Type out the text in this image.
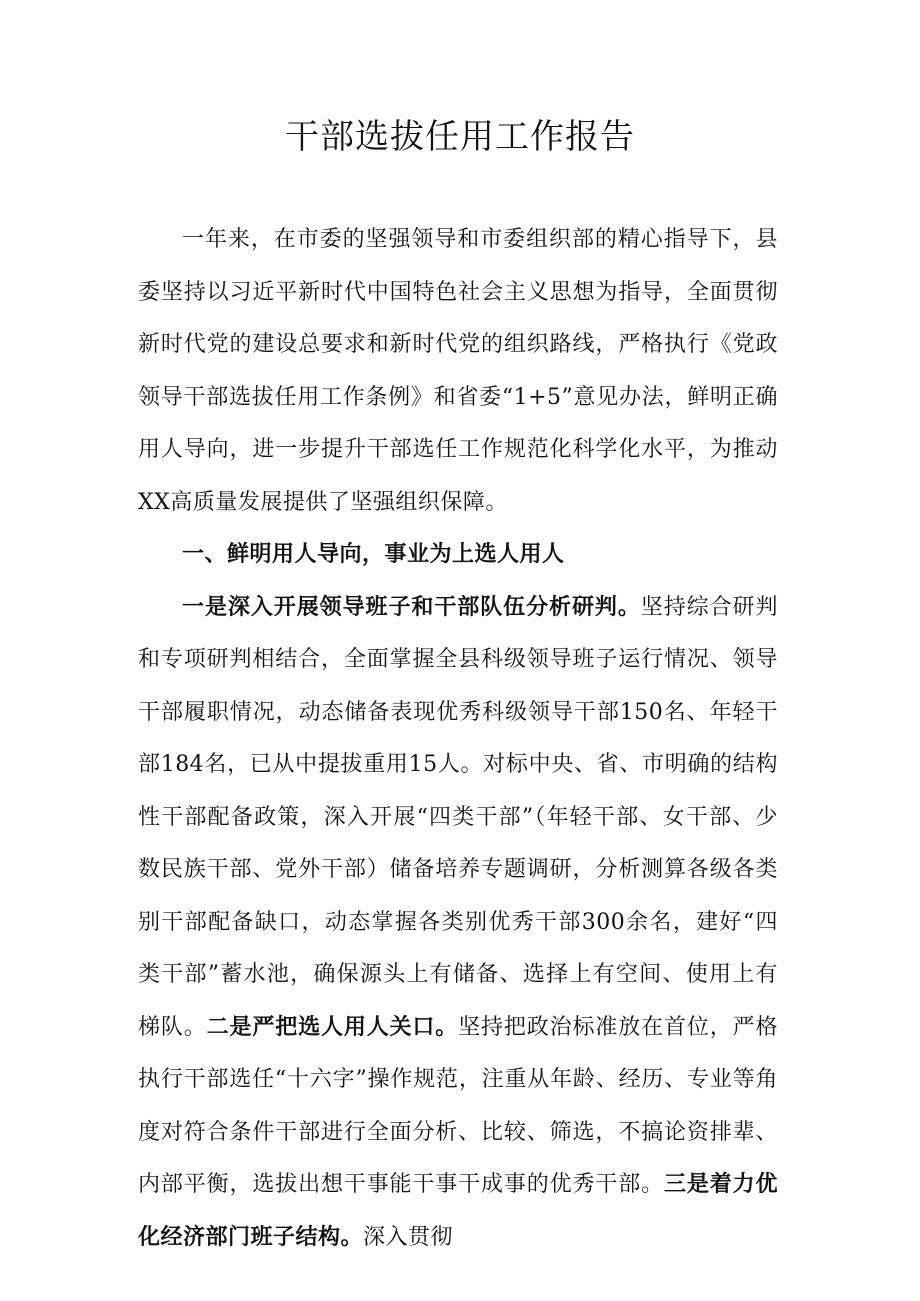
干部选拔任用工作报告

一年来，在市委的坚强领导和市委组织部的精心指导下，县委坚持以习近平新时代中国特色社会主义思想为指导，全面贯彻新时代党的建设总要求和新时代党的组织路线，严格执行《党政领导干部选拔任用工作条例》和省委“1+5”意见办法，鲜明正确用人导向，进一步提升干部选任工作规范化科学化水平，为推动XX高质量发展提供了坚强组织保障。

一、鲜明用人导向，事业为上选人用人

一是深入开展领导班子和干部队伍分析研判。坚持综合研判和专项研判相结合，全面掌握全县科级领导班子运行情况、领导干部履职情况，动态储备表现优秀科级领导干部150名、年轻干部184名，已从中提拔重用15人。对标中央、省、市明确的结构性干部配备政策，深入开展“四类干部”（年轻干部、女干部、少数民族干部、党外干部）储备培养专题调研，分析测算各级各类别干部配备缺口，动态掌握各类别优秀干部300余名，建好“四类干部”蓄水池，确保源头上有储备、选择上有空间、使用上有梯队。二是严把选人用人关口。坚持把政治标准放在首位，严格执行干部选任“十六字”操作规范，注重从年龄、经历、专业等角度对符合条件干部进行全面分析、比较、筛选，不搞论资排辈、内部平衡，选拔出想干事能干事干成事的优秀干部。三是着力优化经济部门班子结构。深入贯彻
